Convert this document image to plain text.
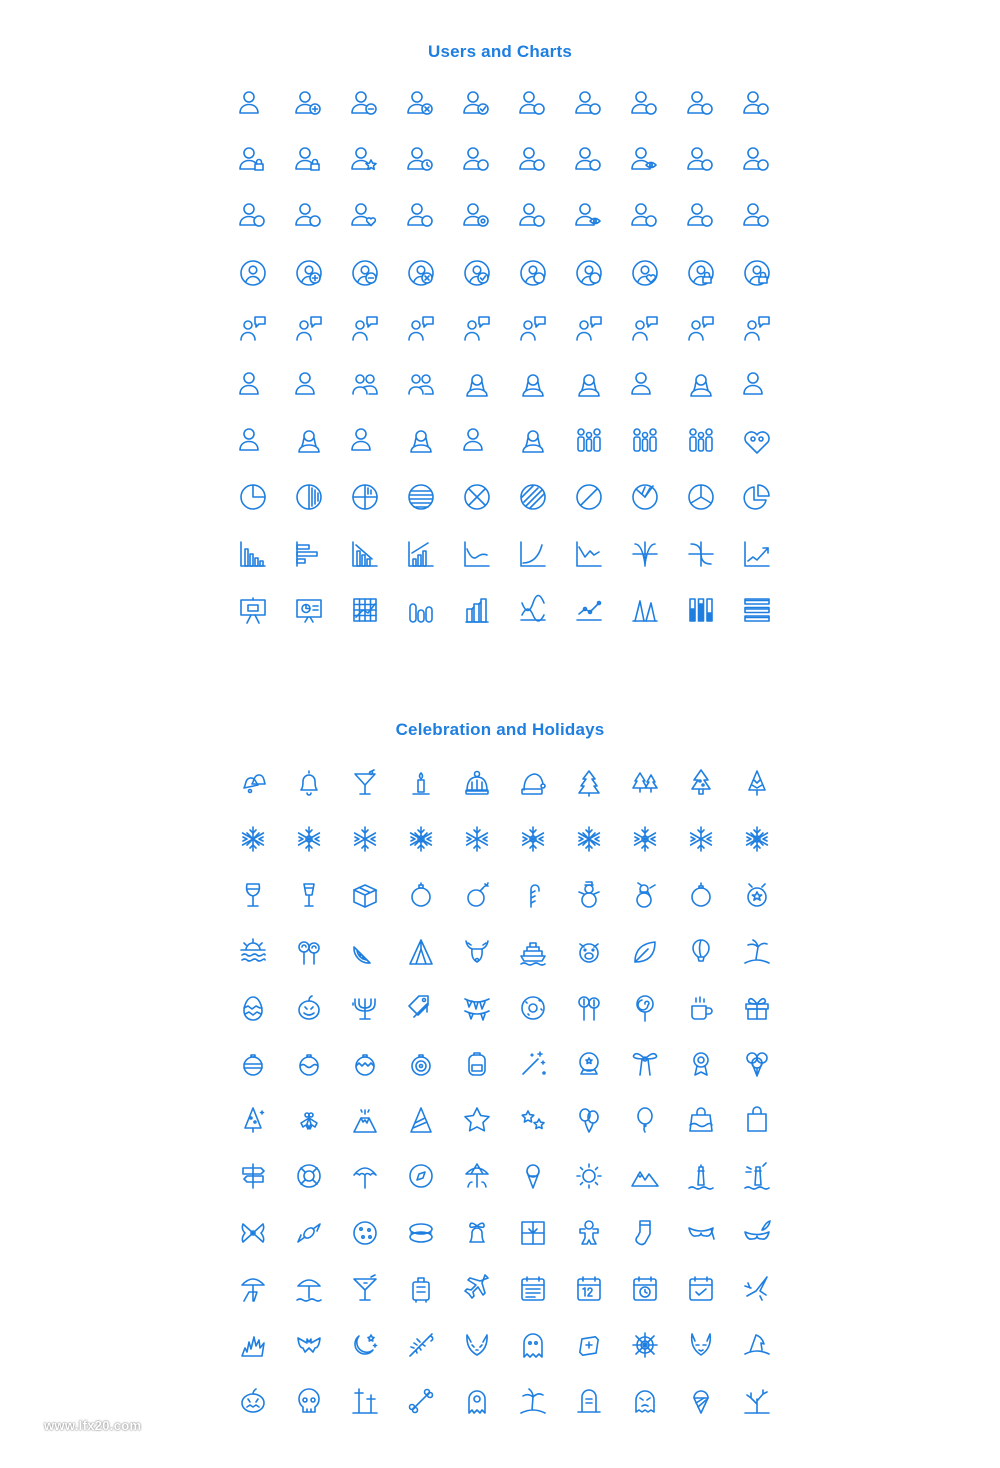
Users and Charts
Celebration and Holidays
www.lfx20.com
